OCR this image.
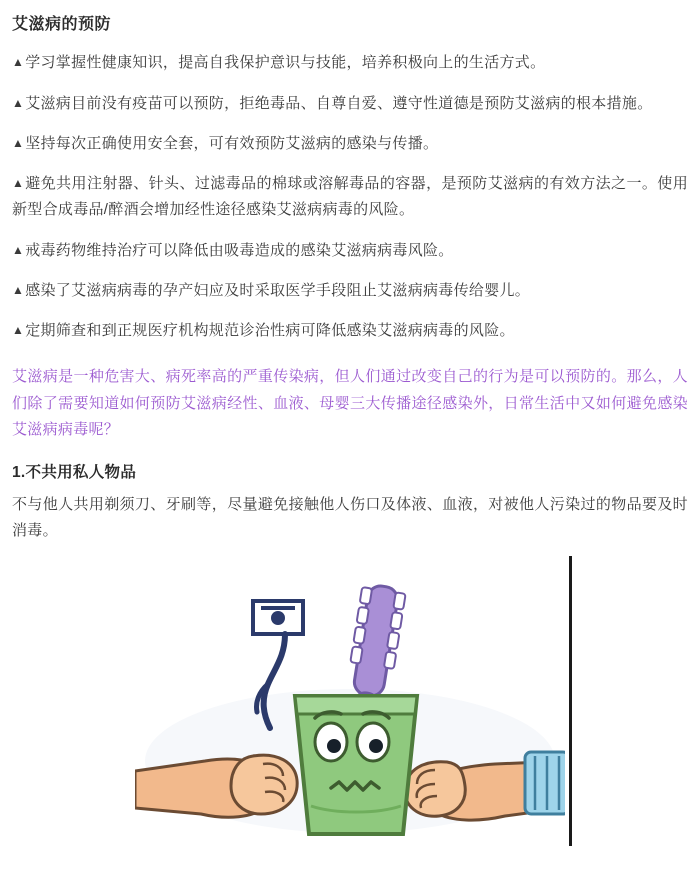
艾滋病的预防

▲ 学习掌握性健康知识，提高自我保护意识与技能，培养积极向上的生活方式。

▲ 艾滋病目前没有疫苗可以预防，拒绝毒品、自尊自爱、遵守性道德是预防艾滋病的根本措施。

▲ 坚持每次正确使用安全套，可有效预防艾滋病的感染与传播。

▲ 避免共用注射器、针头、过滤毒品的棉球或溶解毒品的容器，是预防艾滋病的有效方法之一。使用新型合成毒品/醉酒会增加经性途径感染艾滋病病毒的风险。

▲ 戒毒药物维持治疗可以降低由吸毒造成的感染艾滋病病毒风险。

▲ 感染了艾滋病病毒的孕产妇应及时采取医学手段阻止艾滋病病毒传给婴儿。

▲ 定期筛查和到正规医疗机构规范诊治性病可降低感染艾滋病病毒的风险。

艾滋病是一种危害大、病死率高的严重传染病，但人们通过改变自己的行为是可以预防的。那么，人们除了需要知道如何预防艾滋病经性、血液、母婴三大传播途径感染外，日常生活中又如何避免感染艾滋病病毒呢？

1.不共用私人物品

不与他人共用剃须刀、牙刷等，尽量避免接触他人伤口及体液、血液，对被他人污染过的物品要及时消毒。
